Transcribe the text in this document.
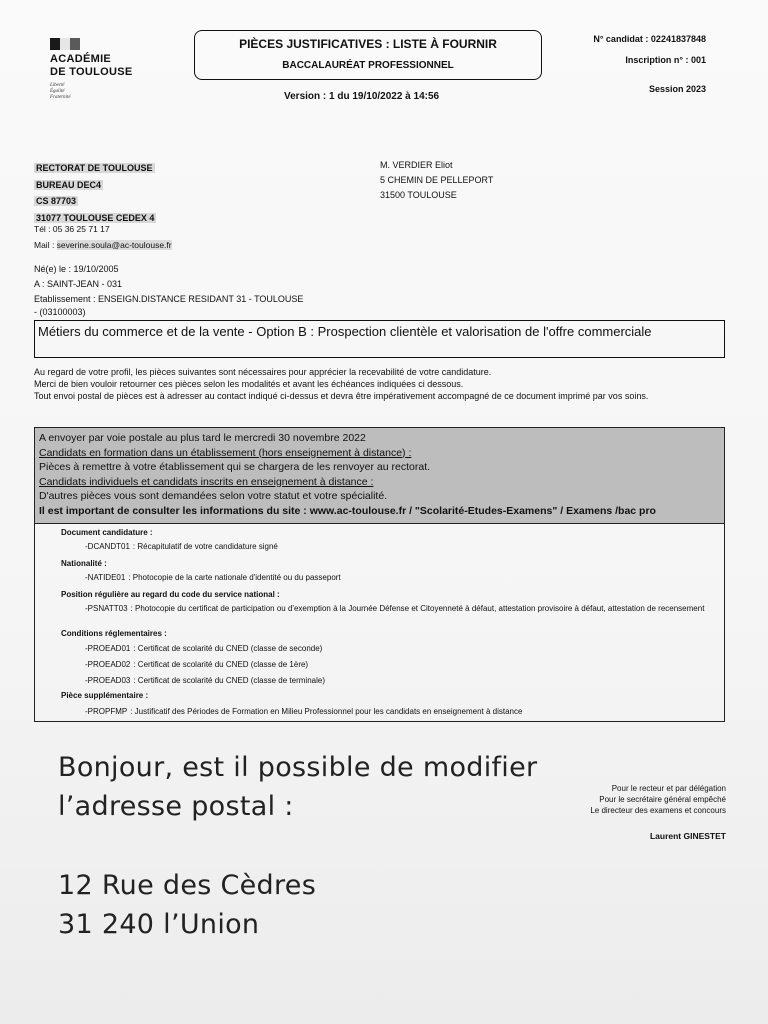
ACADÉMIE
DE TOULOUSE
Liberté
Égalité
Fraternité
PIÈCES JUSTIFICATIVES : LISTE À FOURNIR
BACCALAURÉAT PROFESSIONNEL
Version : 1 du 19/10/2022 à 14:56
N° candidat : 02241837848
Inscription n° : 001
Session 2023
RECTORAT DE TOULOUSE
BUREAU DEC4
CS 87703
31077 TOULOUSE CEDEX 4
Tél : 05 36 25 71 17
Mail : severine.soula@ac-toulouse.fr
M. VERDIER Eliot
5 CHEMIN DE PELLEPORT
31500 TOULOUSE
Né(e) le : 19/10/2005
A : SAINT-JEAN - 031
Etablissement : ENSEIGN.DISTANCE RESIDANT 31 - TOULOUSE
- (03100003)
Métiers du commerce et de la vente - Option B : Prospection clientèle et valorisation de l'offre commerciale
Au regard de votre profil, les pièces suivantes sont nécessaires pour apprécier la recevabilité de votre candidature.
Merci de bien vouloir retourner ces pièces selon les modalités et avant les échéances indiquées ci dessous.
Tout envoi postal de pièces est à adresser au contact indiqué ci-dessus et devra être impérativement accompagné de ce document imprimé par vos soins.
A envoyer par voie postale au plus tard le mercredi 30 novembre 2022
Candidats en formation dans un établissement (hors enseignement à distance) :
Pièces à remettre à votre établissement qui se chargera de les renvoyer au rectorat.
Candidats individuels et candidats inscrits en enseignement à distance :
D'autres pièces vous sont demandées selon votre statut et votre spécialité.
Il est important de consulter les informations du site : www.ac-toulouse.fr / "Scolarité-Etudes-Examens" / Examens /bac pro
Document candidature :
-DCANDT01 : Récapitulatif de votre candidature signé
Nationalité :
-NATIDE01 : Photocopie de la carte nationale d'identité ou du passeport
Position régulière au regard du code du service national :
-PSNATT03 : Photocopie du certificat de participation ou d'exemption à la Journée Défense et Citoyenneté à défaut, attestation provisoire à défaut, attestation de recensement
Conditions réglementaires :
-PROEAD01 : Certificat de scolarité du CNED (classe de seconde)
-PROEAD02 : Certificat de scolarité du CNED (classe de 1ère)
-PROEAD03 : Certificat de scolarité du CNED (classe de terminale)
Pièce supplémentaire :
-PROPFMP : Justificatif des Périodes de Formation en Milieu Professionnel pour les candidats en enseignement à distance
Bonjour, est il possible de modifier
l’adresse postal :
12 Rue des Cèdres
31 240 l’Union
Pour le recteur et par délégation
Pour le secrétaire général empêché
Le directeur des examens et concours
Laurent GINESTET
